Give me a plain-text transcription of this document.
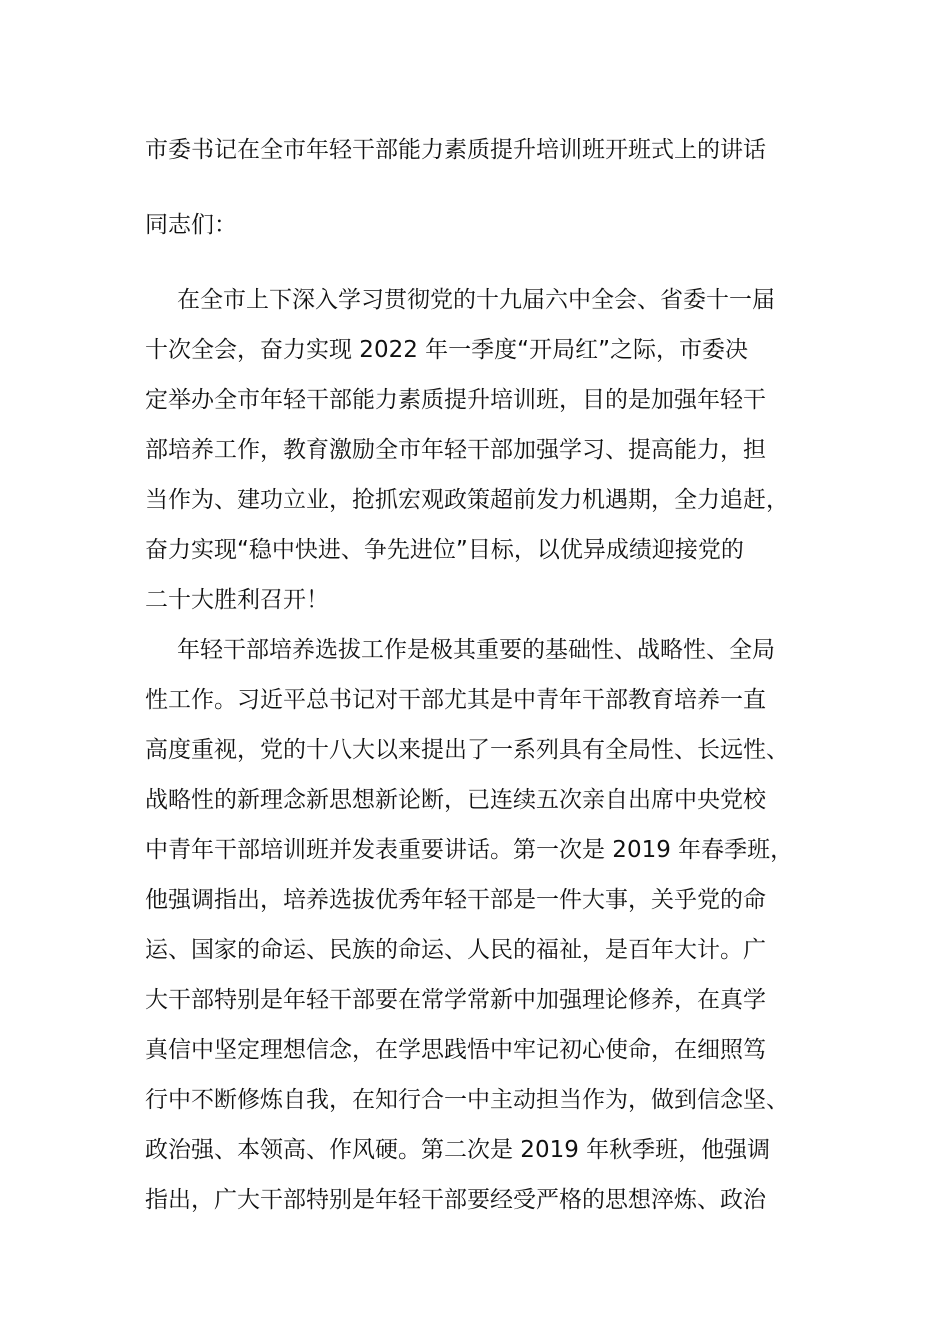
市委书记在全市年轻干部能力素质提升培训班开班式上的讲话
同志们：
在全市上下深入学习贯彻党的十九届六中全会、省委十一届
十次全会，奋力实现 2022 年一季度“开局红”之际，市委决
定举办全市年轻干部能力素质提升培训班，目的是加强年轻干
部培养工作，教育激励全市年轻干部加强学习、提高能力，担
当作为、建功立业，抢抓宏观政策超前发力机遇期，全力追赶，
奋力实现“稳中快进、争先进位”目标，以优异成绩迎接党的
二十大胜利召开！
年轻干部培养选拔工作是极其重要的基础性、战略性、全局
性工作。习近平总书记对干部尤其是中青年干部教育培养一直
高度重视，党的十八大以来提出了一系列具有全局性、长远性、
战略性的新理念新思想新论断，已连续五次亲自出席中央党校
中青年干部培训班并发表重要讲话。第一次是 2019 年春季班，
他强调指出，培养选拔优秀年轻干部是一件大事，关乎党的命
运、国家的命运、民族的命运、人民的福祉，是百年大计。广
大干部特别是年轻干部要在常学常新中加强理论修养，在真学
真信中坚定理想信念，在学思践悟中牢记初心使命，在细照笃
行中不断修炼自我，在知行合一中主动担当作为，做到信念坚、
政治强、本领高、作风硬。第二次是 2019 年秋季班，他强调
指出，广大干部特别是年轻干部要经受严格的思想淬炼、政治
